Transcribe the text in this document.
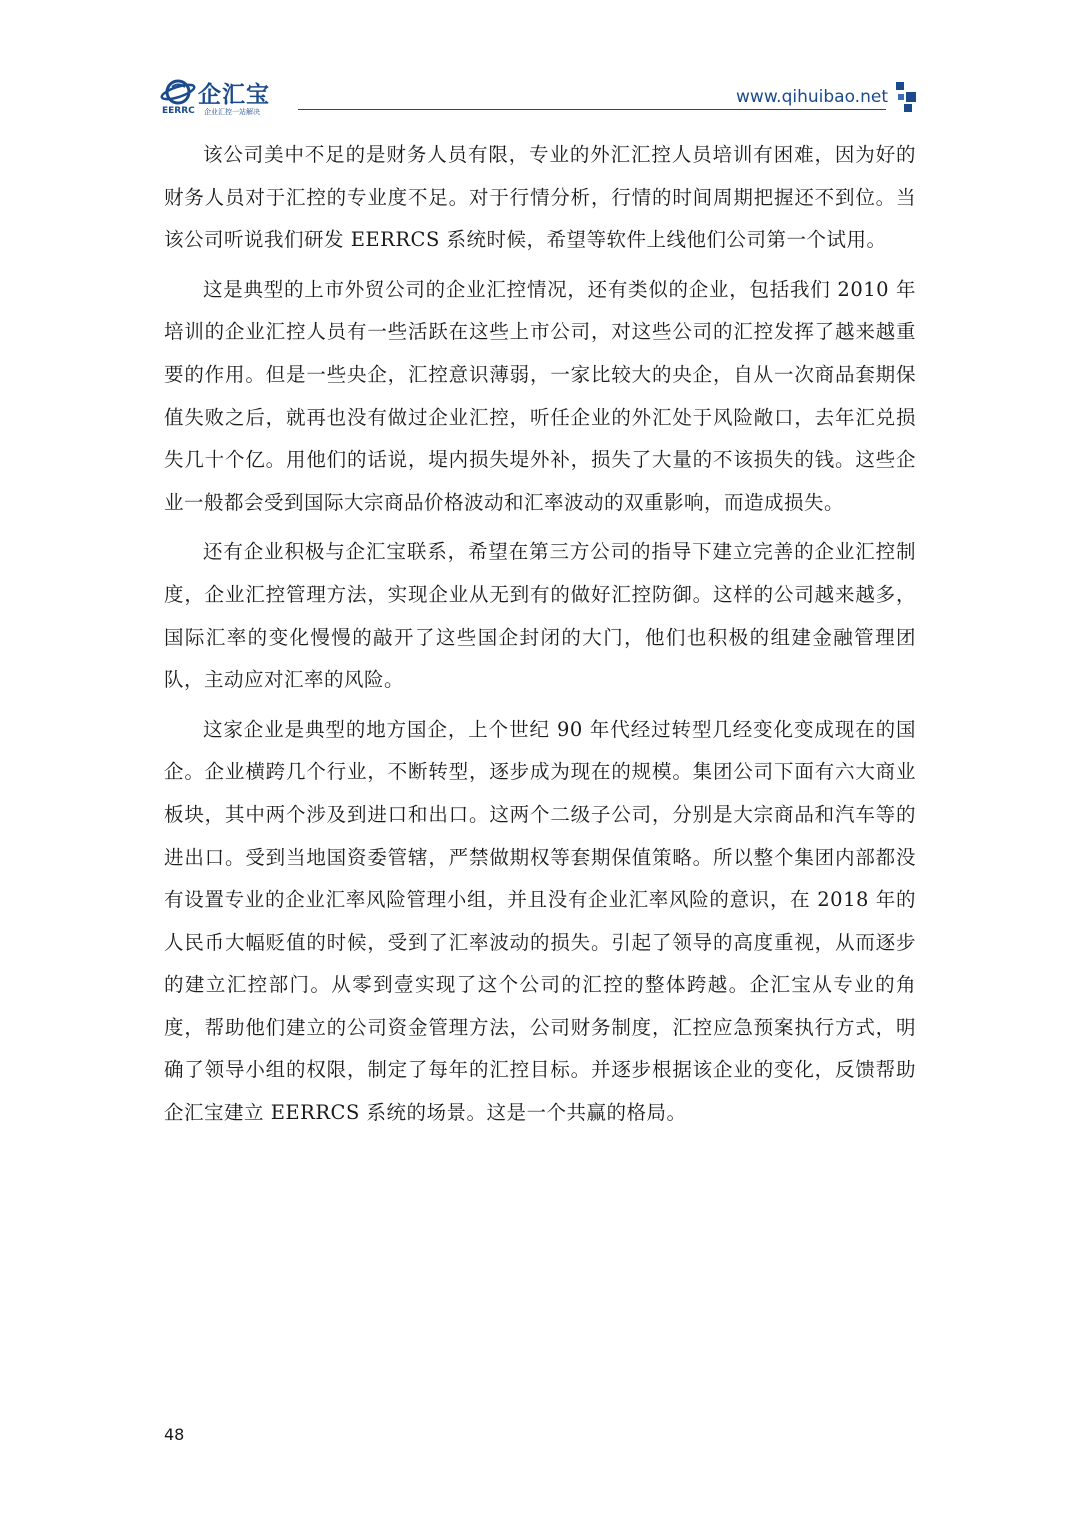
企汇宝
EERRC 企业汇控一站解决
www.qihuibao.net

该公司美中不足的是财务人员有限，专业的外汇汇控人员培训有困难，因为好的财务人员对于汇控的专业度不足。对于行情分析，行情的时间周期把握还不到位。当该公司听说我们研发 EERRCS 系统时候，希望等软件上线他们公司第一个试用。

这是典型的上市外贸公司的企业汇控情况，还有类似的企业，包括我们 2010 年培训的企业汇控人员有一些活跃在这些上市公司，对这些公司的汇控发挥了越来越重要的作用。但是一些央企，汇控意识薄弱，一家比较大的央企，自从一次商品套期保值失败之后，就再也没有做过企业汇控，听任企业的外汇处于风险敞口，去年汇兑损失几十个亿。用他们的话说，堤内损失堤外补，损失了大量的不该损失的钱。这些企业一般都会受到国际大宗商品价格波动和汇率波动的双重影响，而造成损失。

还有企业积极与企汇宝联系，希望在第三方公司的指导下建立完善的企业汇控制度，企业汇控管理方法，实现企业从无到有的做好汇控防御。这样的公司越来越多，国际汇率的变化慢慢的敲开了这些国企封闭的大门，他们也积极的组建金融管理团队，主动应对汇率的风险。

这家企业是典型的地方国企，上个世纪 90 年代经过转型几经变化变成现在的国企。企业横跨几个行业，不断转型，逐步成为现在的规模。集团公司下面有六大商业板块，其中两个涉及到进口和出口。这两个二级子公司，分别是大宗商品和汽车等的进出口。受到当地国资委管辖，严禁做期权等套期保值策略。所以整个集团内部都没有设置专业的企业汇率风险管理小组，并且没有企业汇率风险的意识，在 2018 年的人民币大幅贬值的时候，受到了汇率波动的损失。引起了领导的高度重视，从而逐步的建立汇控部门。从零到壹实现了这个公司的汇控的整体跨越。企汇宝从专业的角度，帮助他们建立的公司资金管理方法，公司财务制度，汇控应急预案执行方式，明确了领导小组的权限，制定了每年的汇控目标。并逐步根据该企业的变化，反馈帮助企汇宝建立 EERRCS 系统的场景。这是一个共赢的格局。

48
